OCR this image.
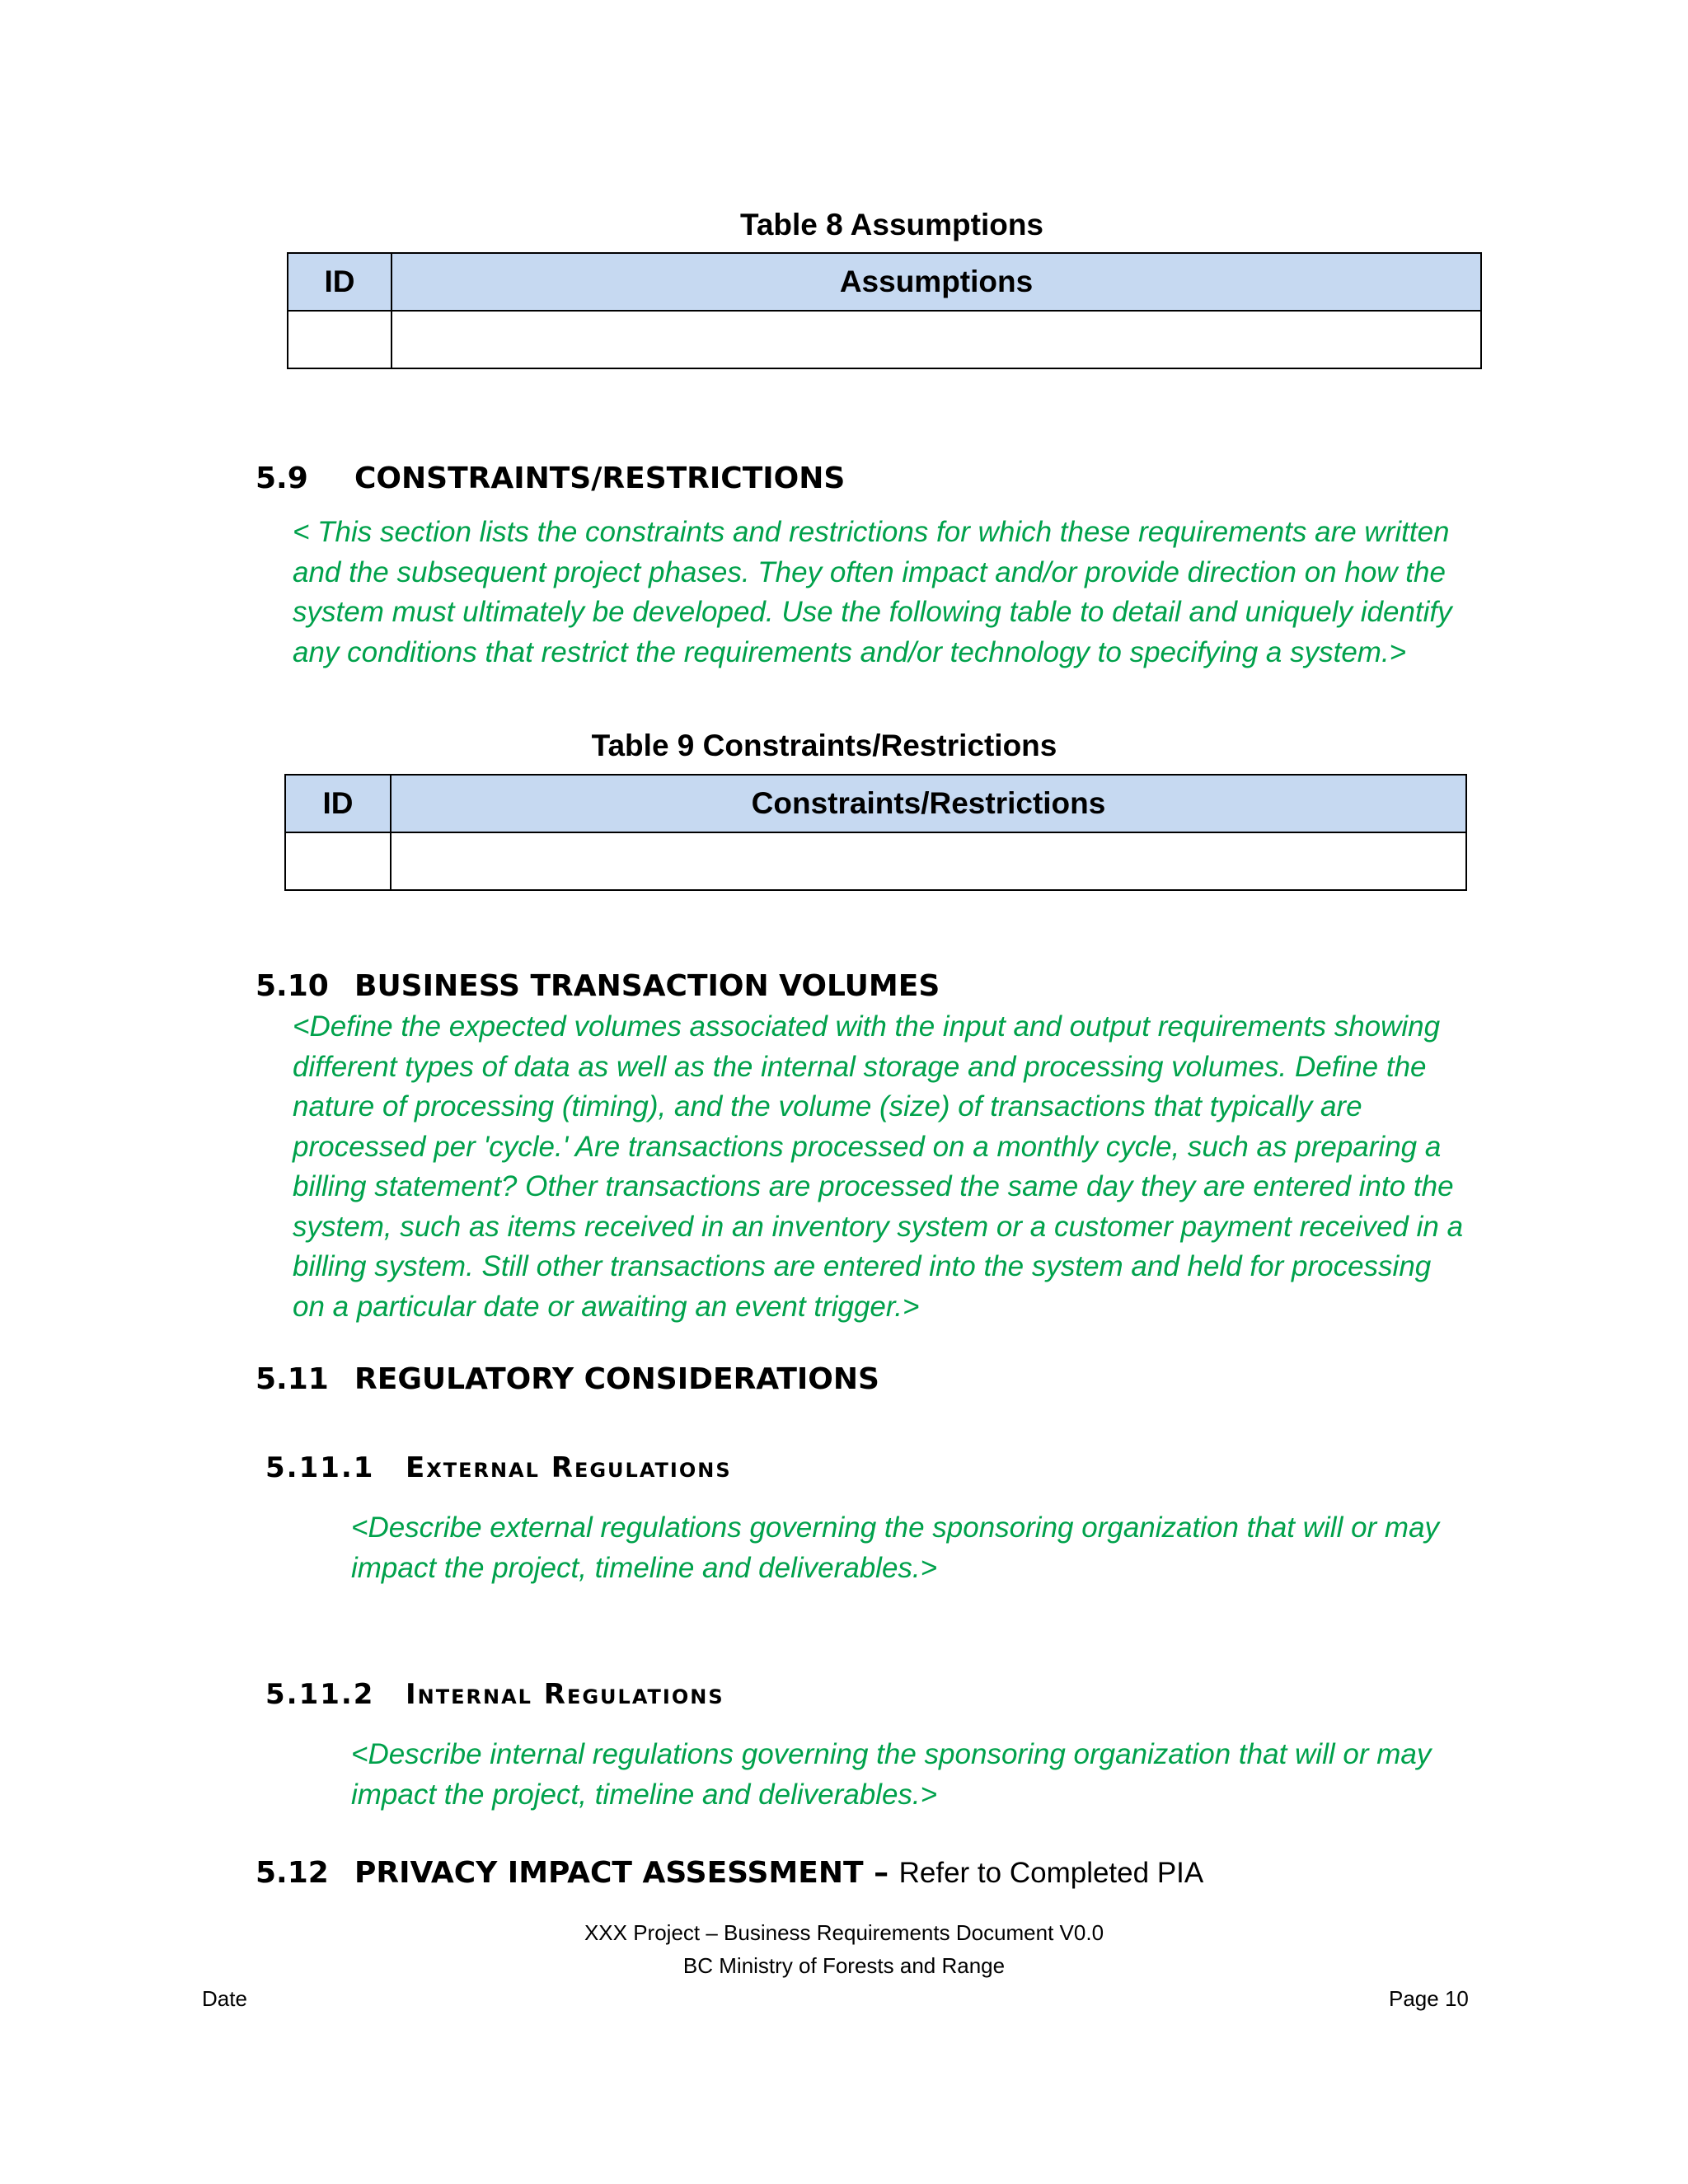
Table 8 Assumptions
ID	Assumptions

5.9 CONSTRAINTS/RESTRICTIONS
< This section lists the constraints and restrictions for which these requirements are written and the subsequent project phases. They often impact and/or provide direction on how the system must ultimately be developed. Use the following table to detail and uniquely identify any conditions that restrict the requirements and/or technology to specifying a system.>
Table 9 Constraints/Restrictions
ID	Constraints/Restrictions

5.10 BUSINESS TRANSACTION VOLUMES
<Define the expected volumes associated with the input and output requirements showing different types of data as well as the internal storage and processing volumes. Define the nature of processing (timing), and the volume (size) of transactions that typically are processed per 'cycle.' Are transactions processed on a monthly cycle, such as preparing a billing statement? Other transactions are processed the same day they are entered into the system, such as items received in an inventory system or a customer payment received in a billing system. Still other transactions are entered into the system and held for processing on a particular date or awaiting an event trigger.>
5.11 REGULATORY CONSIDERATIONS
5.11.1 External Regulations
<Describe external regulations governing the sponsoring organization that will or may impact the project, timeline and deliverables.>
5.11.2 Internal Regulations
<Describe internal regulations governing the sponsoring organization that will or may impact the project, timeline and deliverables.>
5.12 PRIVACY IMPACT ASSESSMENT – Refer to Completed PIA
XXX Project – Business Requirements Document V0.0
BC Ministry of Forests and Range
Date	Page 10
